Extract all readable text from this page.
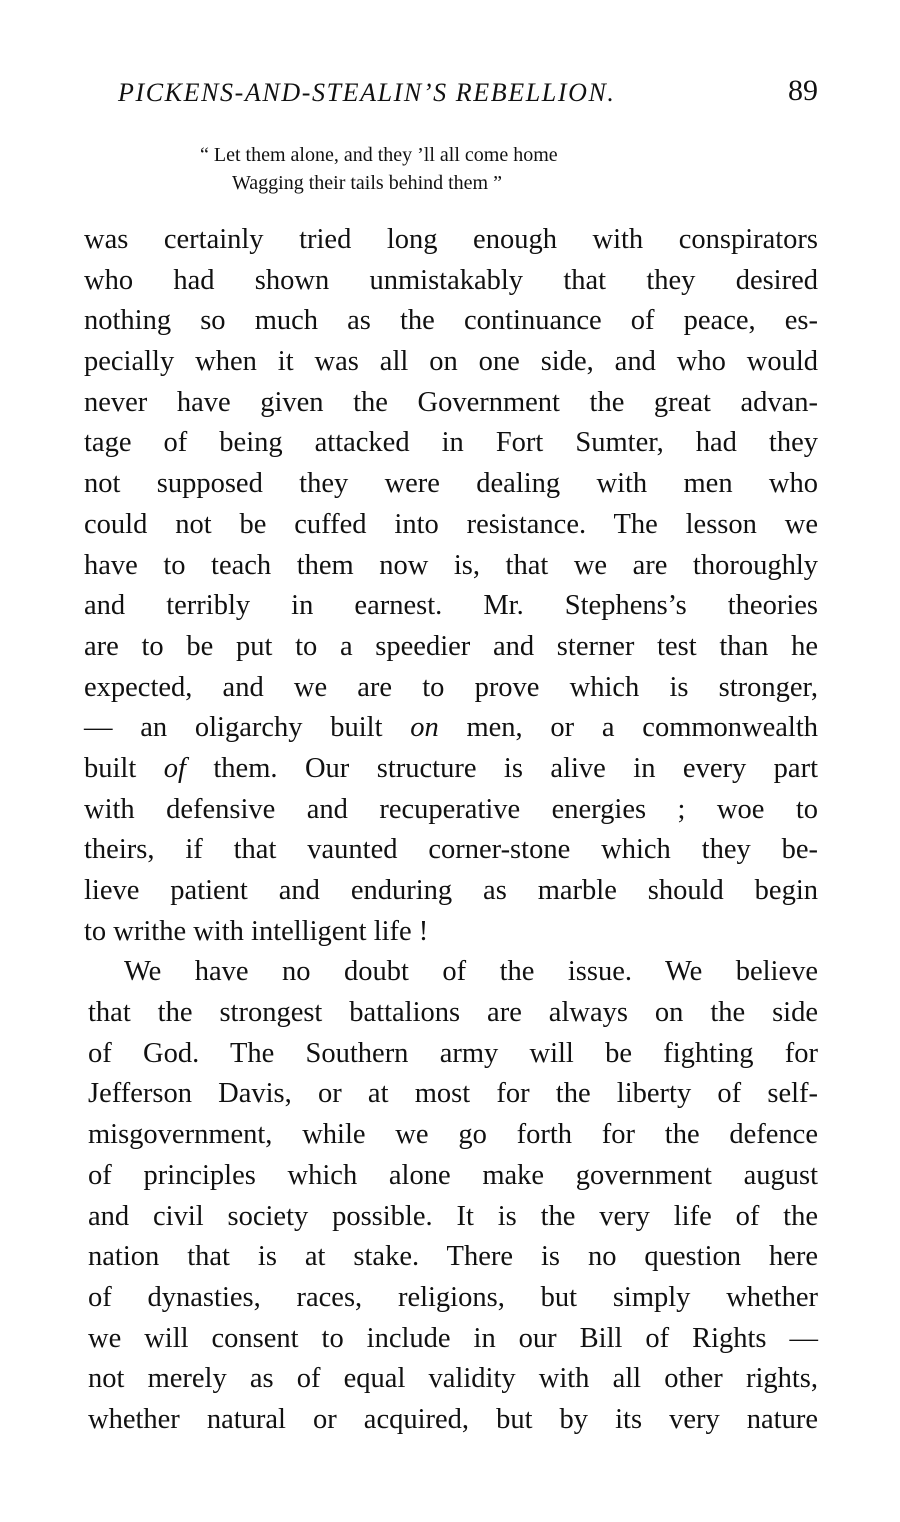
PICKENS-AND-STEALIN’S REBELLION.	89
“ Let them alone, and they ’ll all come home
Wagging their tails behind them ”
was certainly tried long enough with conspirators
who had shown unmistakably that they desired
nothing so much as the continuance of peace, es-
pecially when it was all on one side, and who would
never have given the Government the great advan-
tage of being attacked in Fort Sumter, had they
not supposed they were dealing with men who
could not be cuffed into resistance. The lesson we
have to teach them now is, that we are thoroughly
and terribly in earnest. Mr. Stephens’s theories
are to be put to a speedier and sterner test than he
expected, and we are to prove which is stronger,
— an oligarchy built on men, or a commonwealth
built of them. Our structure is alive in every part
with defensive and recuperative energies ; woe to
theirs, if that vaunted corner-stone which they be-
lieve patient and enduring as marble should begin
to writhe with intelligent life !
We have no doubt of the issue. We believe
that the strongest battalions are always on the side
of God. The Southern army will be fighting for
Jefferson Davis, or at most for the liberty of self-
misgovernment, while we go forth for the defence
of principles which alone make government august
and civil society possible. It is the very life of the
nation that is at stake. There is no question here
of dynasties, races, religions, but simply whether
we will consent to include in our Bill of Rights —
not merely as of equal validity with all other rights,
whether natural or acquired, but by its very nature
